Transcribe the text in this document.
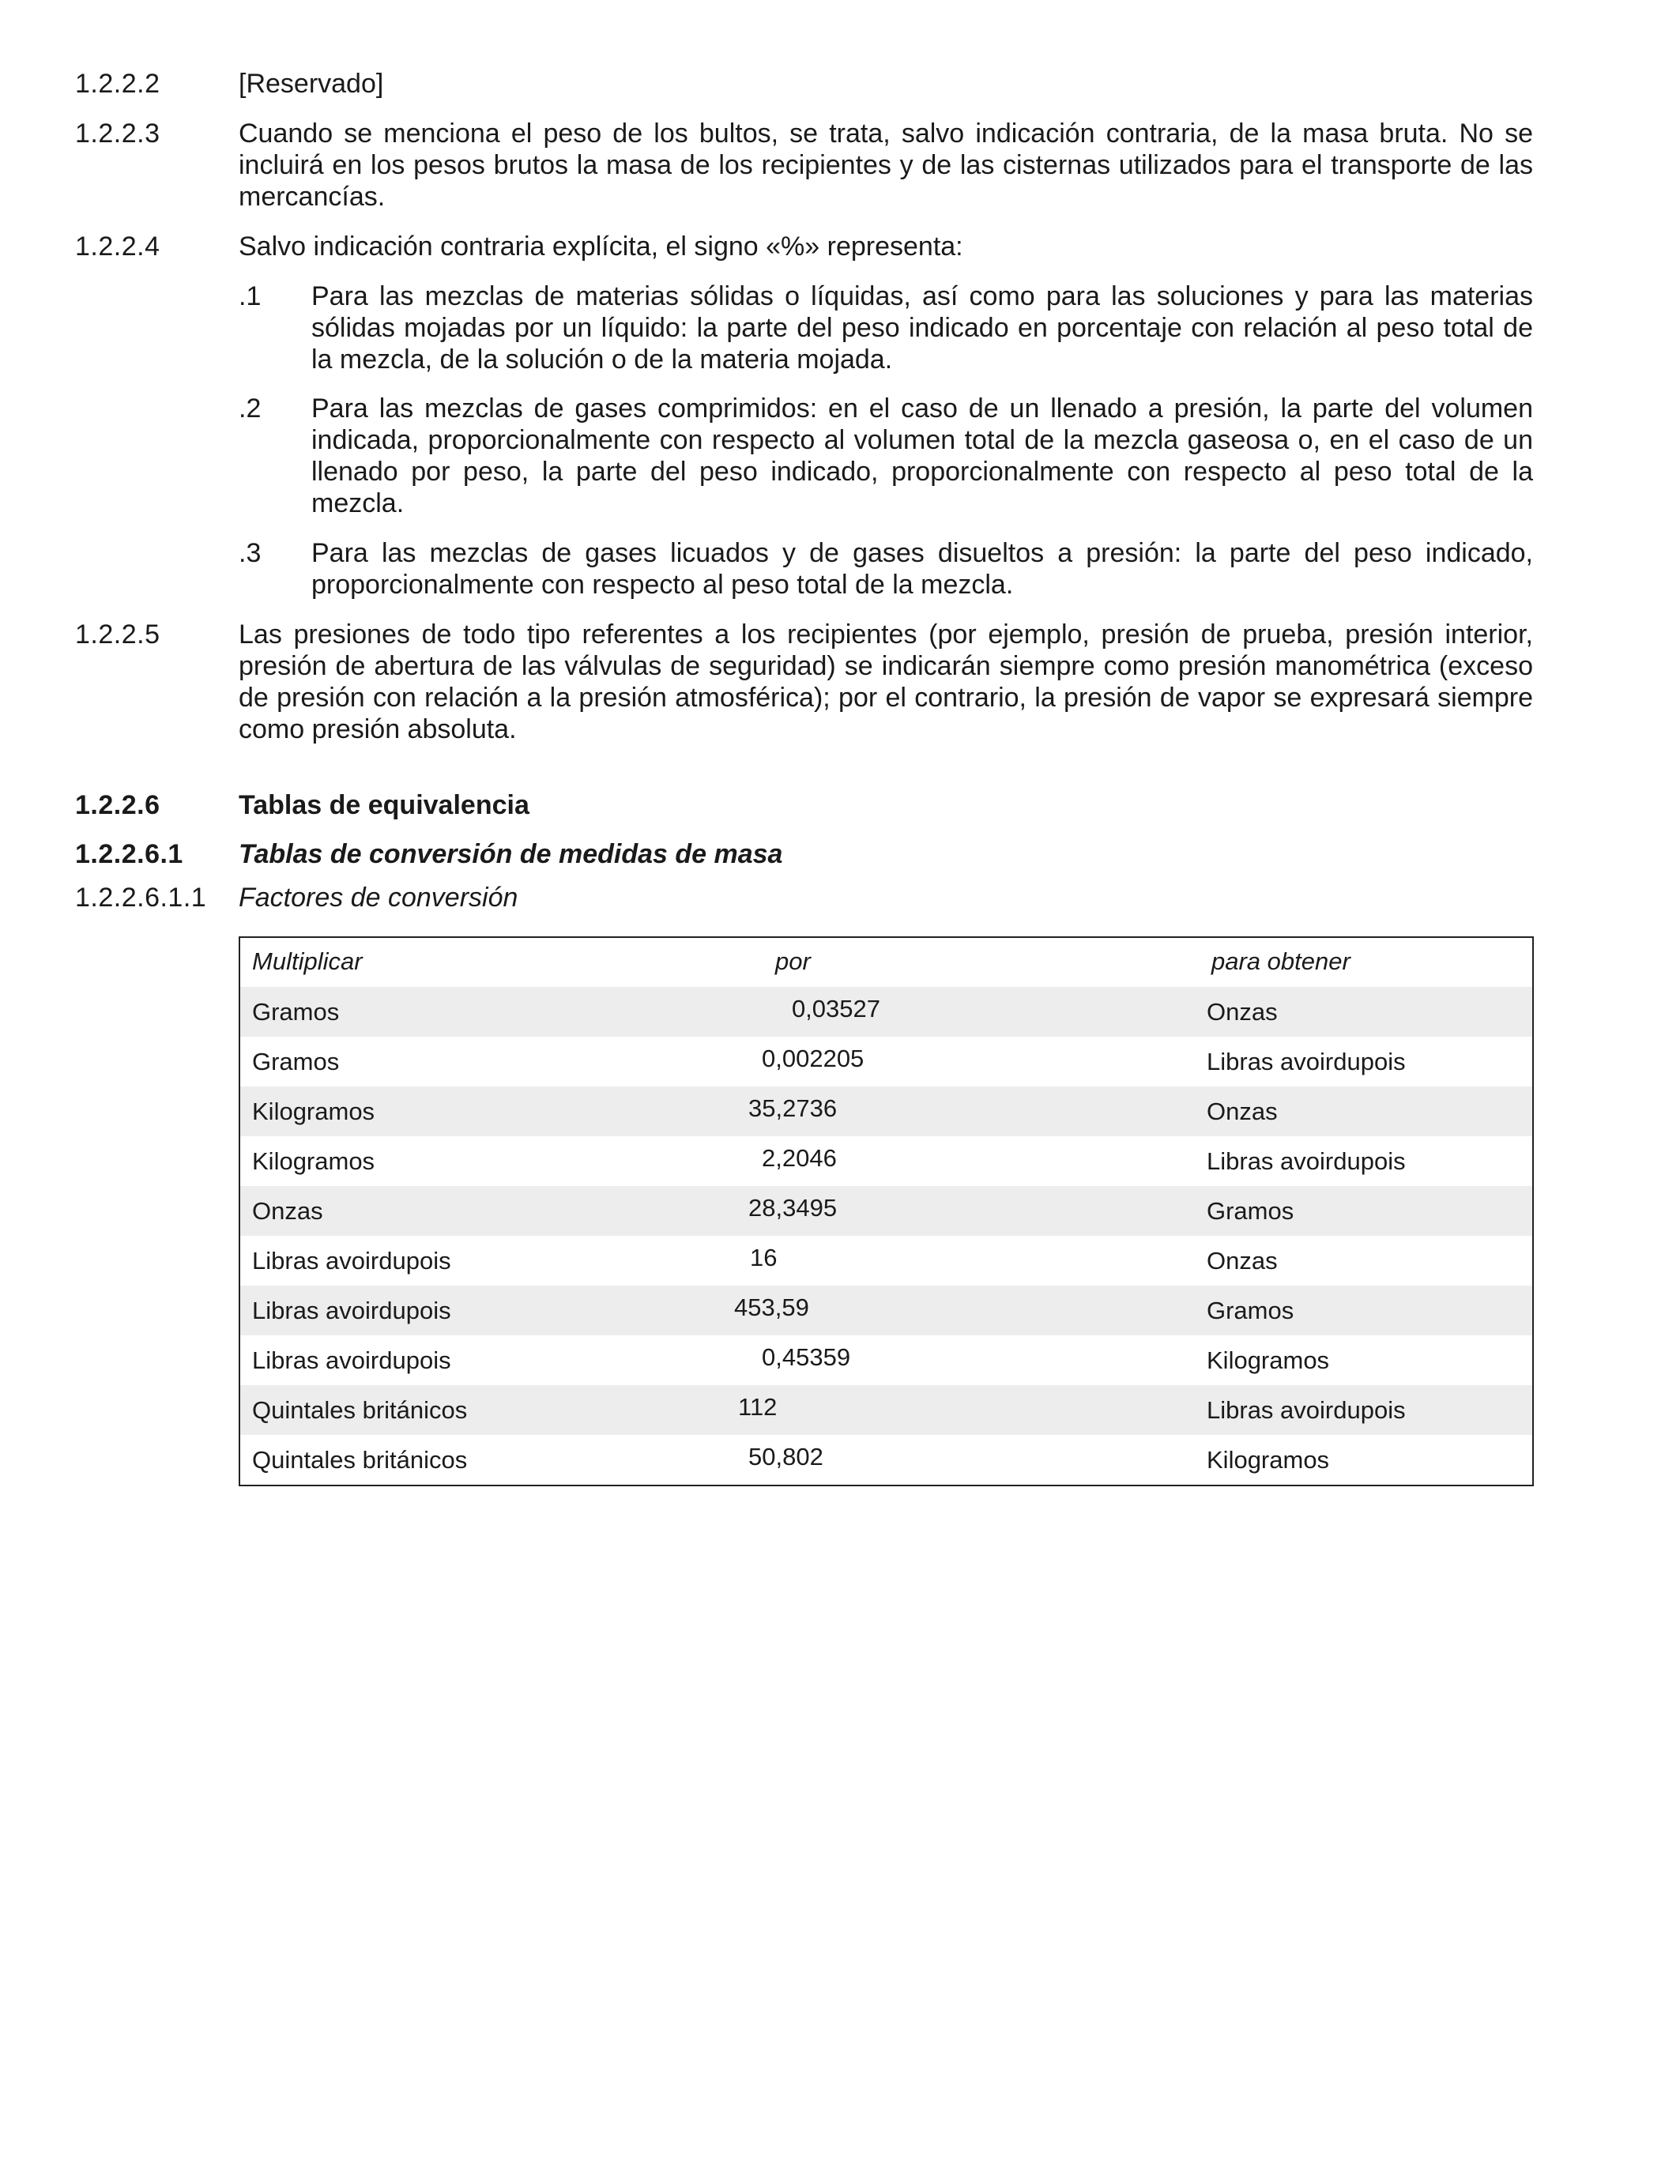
1.2.2.2	[Reservado]
1.2.2.3	Cuando se menciona el peso de los bultos, se trata, salvo indicación contraria, de la masa bruta. No se incluirá en los pesos brutos la masa de los recipientes y de las cisternas utilizados para el transporte de las mercancías.
1.2.2.4	Salvo indicación contraria explícita, el signo «%» representa:
.1 Para las mezclas de materias sólidas o líquidas, así como para las soluciones y para las materias sólidas mojadas por un líquido: la parte del peso indicado en porcentaje con relación al peso total de la mezcla, de la solución o de la materia mojada.
.2 Para las mezclas de gases comprimidos: en el caso de un llenado a presión, la parte del volumen indicada, proporcionalmente con respecto al volumen total de la mezcla gaseosa o, en el caso de un llenado por peso, la parte del peso indicado, proporcionalmente con respecto al peso total de la mezcla.
.3 Para las mezclas de gases licuados y de gases disueltos a presión: la parte del peso indicado, proporcionalmente con respecto al peso total de la mezcla.
1.2.2.5	Las presiones de todo tipo referentes a los recipientes (por ejemplo, presión de prueba, presión interior, presión de abertura de las válvulas de seguridad) se indicarán siempre como presión manométrica (exceso de presión con relación a la presión atmosférica); por el contrario, la presión de vapor se expresará siempre como presión absoluta.
1.2.2.6	Tablas de equivalencia
1.2.2.6.1	Tablas de conversión de medidas de masa
1.2.2.6.1.1	Factores de conversión
Multiplicar	por	para obtener
Gramos	0,03527	Onzas
Gramos	0,002205	Libras avoirdupois
Kilogramos	35,2736	Onzas
Kilogramos	2,2046	Libras avoirdupois
Onzas	28,3495	Gramos
Libras avoirdupois	16	Onzas
Libras avoirdupois	453,59	Gramos
Libras avoirdupois	0,45359	Kilogramos
Quintales británicos	112	Libras avoirdupois
Quintales británicos	50,802	Kilogramos
